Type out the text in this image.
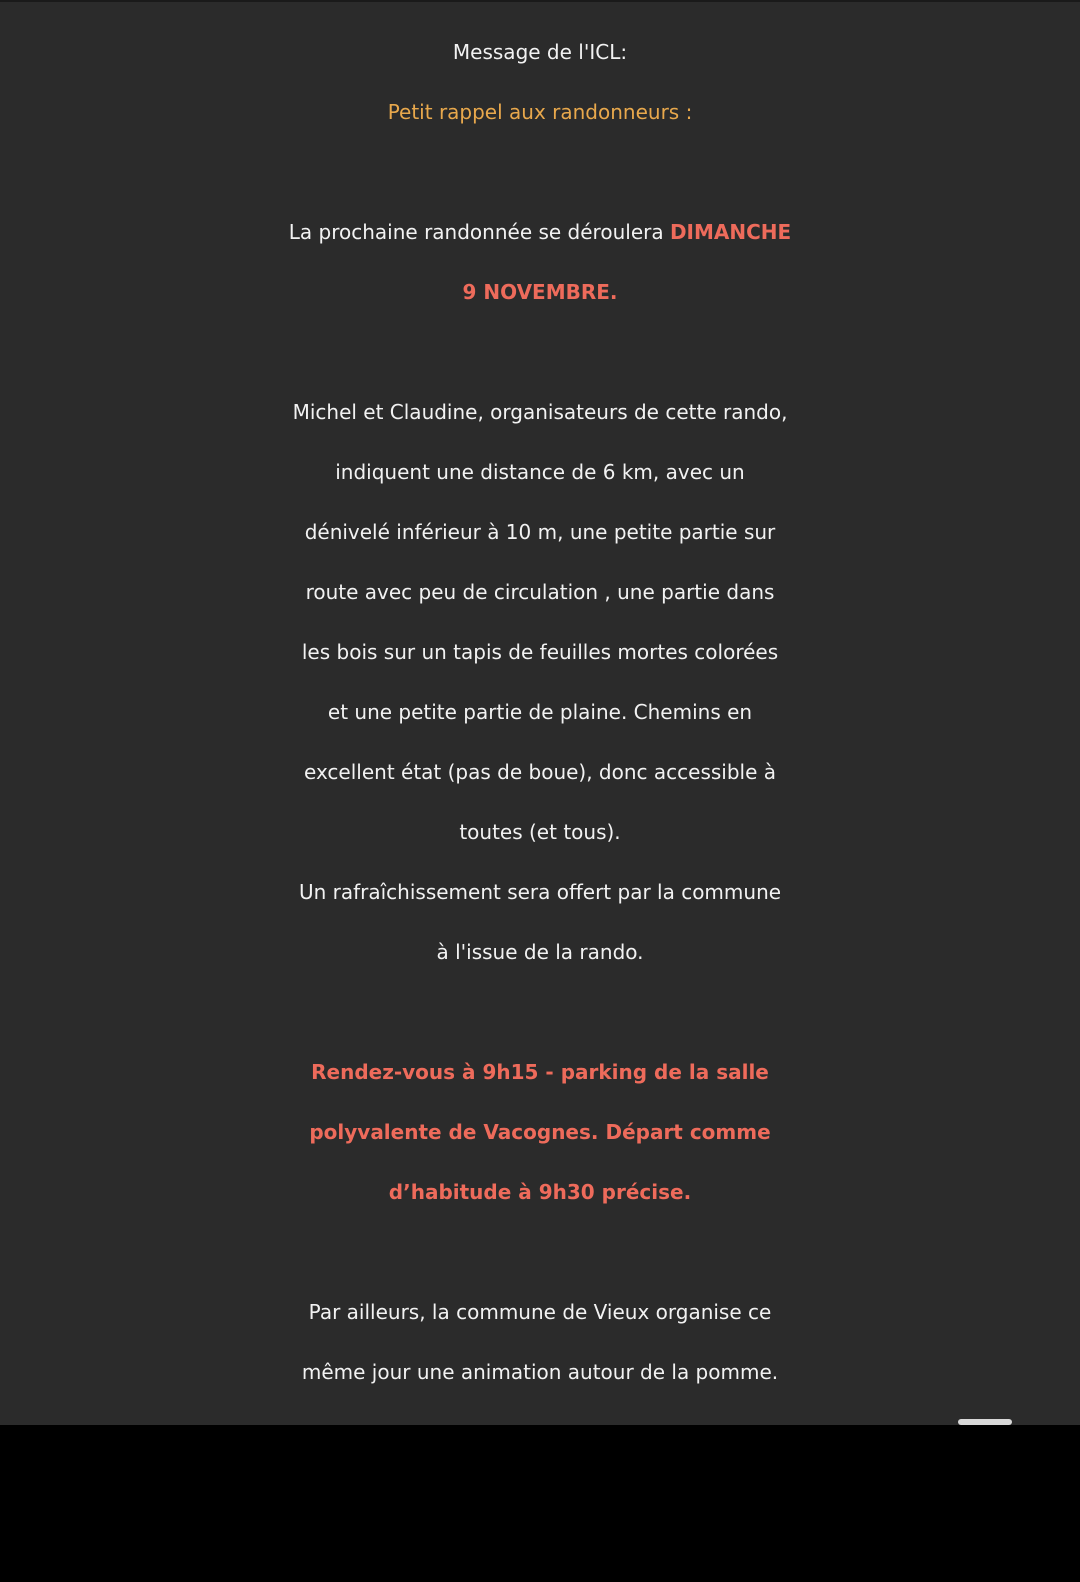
Message de l'ICL:
Petit rappel aux randonneurs :
La prochaine randonnée se déroulera DIMANCHE
9 NOVEMBRE.
Michel et Claudine, organisateurs de cette rando,
indiquent une distance de 6 km, avec un
dénivelé inférieur à 10 m, une petite partie sur
route avec peu de circulation , une partie dans
les bois sur un tapis de feuilles mortes colorées
et une petite partie de plaine. Chemins en
excellent état (pas de boue), donc accessible à
toutes (et tous).
Un rafraîchissement sera offert par la commune
à l'issue de la rando.
Rendez-vous à 9h15 - parking de la salle
polyvalente de Vacognes. Départ comme
d’habitude à 9h30 précise.
Par ailleurs, la commune de Vieux organise ce
même jour une animation autour de la pomme.
